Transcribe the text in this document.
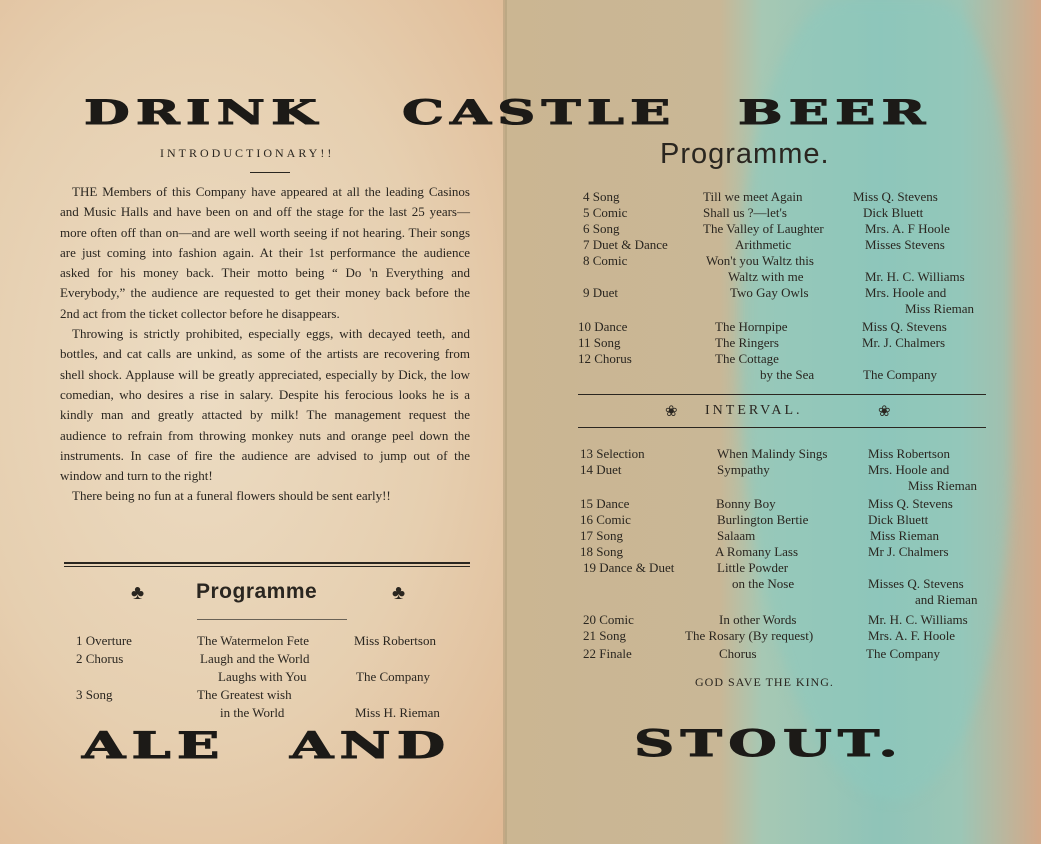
DRINK CASTLE BEER
INTRODUCTIONARY!!

THE Members of this Company have appeared at all the leading Casinos and Music Halls and have been on and off the stage for the last 25 years—more often off than on—and are well worth seeing if not hearing. Their songs are just coming into fashion again. At their 1st performance the audience asked for his money back. Their motto being “ Do 'n Everything and Everybody,” the audience are requested to get their money back before the 2nd act from the ticket collector before he disappears.

Throwing is strictly prohibited, especially eggs, with decayed teeth, and bottles, and cat calls are unkind, as some of the artists are recovering from shell shock. Applause will be greatly appreciated, especially by Dick, the low comedian, who desires a rise in salary. Despite his ferocious looks he is a kindly man and greatly attacted by milk! The management request the audience to refrain from throwing monkey nuts and orange peel down the instruments. In case of fire the audience are advised to jump out of the window and turn to the right!

There being no fun at a funeral flowers should be sent early!!

♣ Programme	♣
1 Overture	The Watermelon Fete	Miss Robertson
2 Chorus	Laugh and the World
Laughs with You	The Company
3 Song	The Greatest wish
in the World	Miss H. Rieman
ALE AND	STOUT.
Programme.
4 Song	Till we meet Again	Miss Q. Stevens
5 Comic	Shall us ?—let's	Dick Bluett
6 Song	The Valley of Laughter	Mrs. A. F Hoole
7 Duet & Dance	Arithmetic	Misses Stevens
8 Comic	Won't you Waltz this
Waltz with me	Mr. H. C. Williams
9 Duet	Two Gay Owls	Mrs. Hoole and
Miss Rieman
10 Dance	The Hornpipe	Miss Q. Stevens
11 Song	The Ringers	Mr. J. Chalmers
12 Chorus	The Cottage
by the Sea	The Company
❀ INTERVAL.	❀
13 Selection	When Malindy Sings	Miss Robertson
14 Duet	Sympathy	Mrs. Hoole and
Miss Rieman
15 Dance	Bonny Boy	Miss Q. Stevens
16 Comic	Burlington Bertie	Dick Bluett
17 Song	Salaam	Miss Rieman
18 Song	A Romany Lass	Mr J. Chalmers
19 Dance & Duet	Little Powder
on the Nose	Misses Q. Stevens
and Rieman
20 Comic	In other Words	Mr. H. C. Williams
21 Song	The Rosary (By request)	Mrs. A. F. Hoole
22 Finale	Chorus	The Company
GOD SAVE THE KING.
